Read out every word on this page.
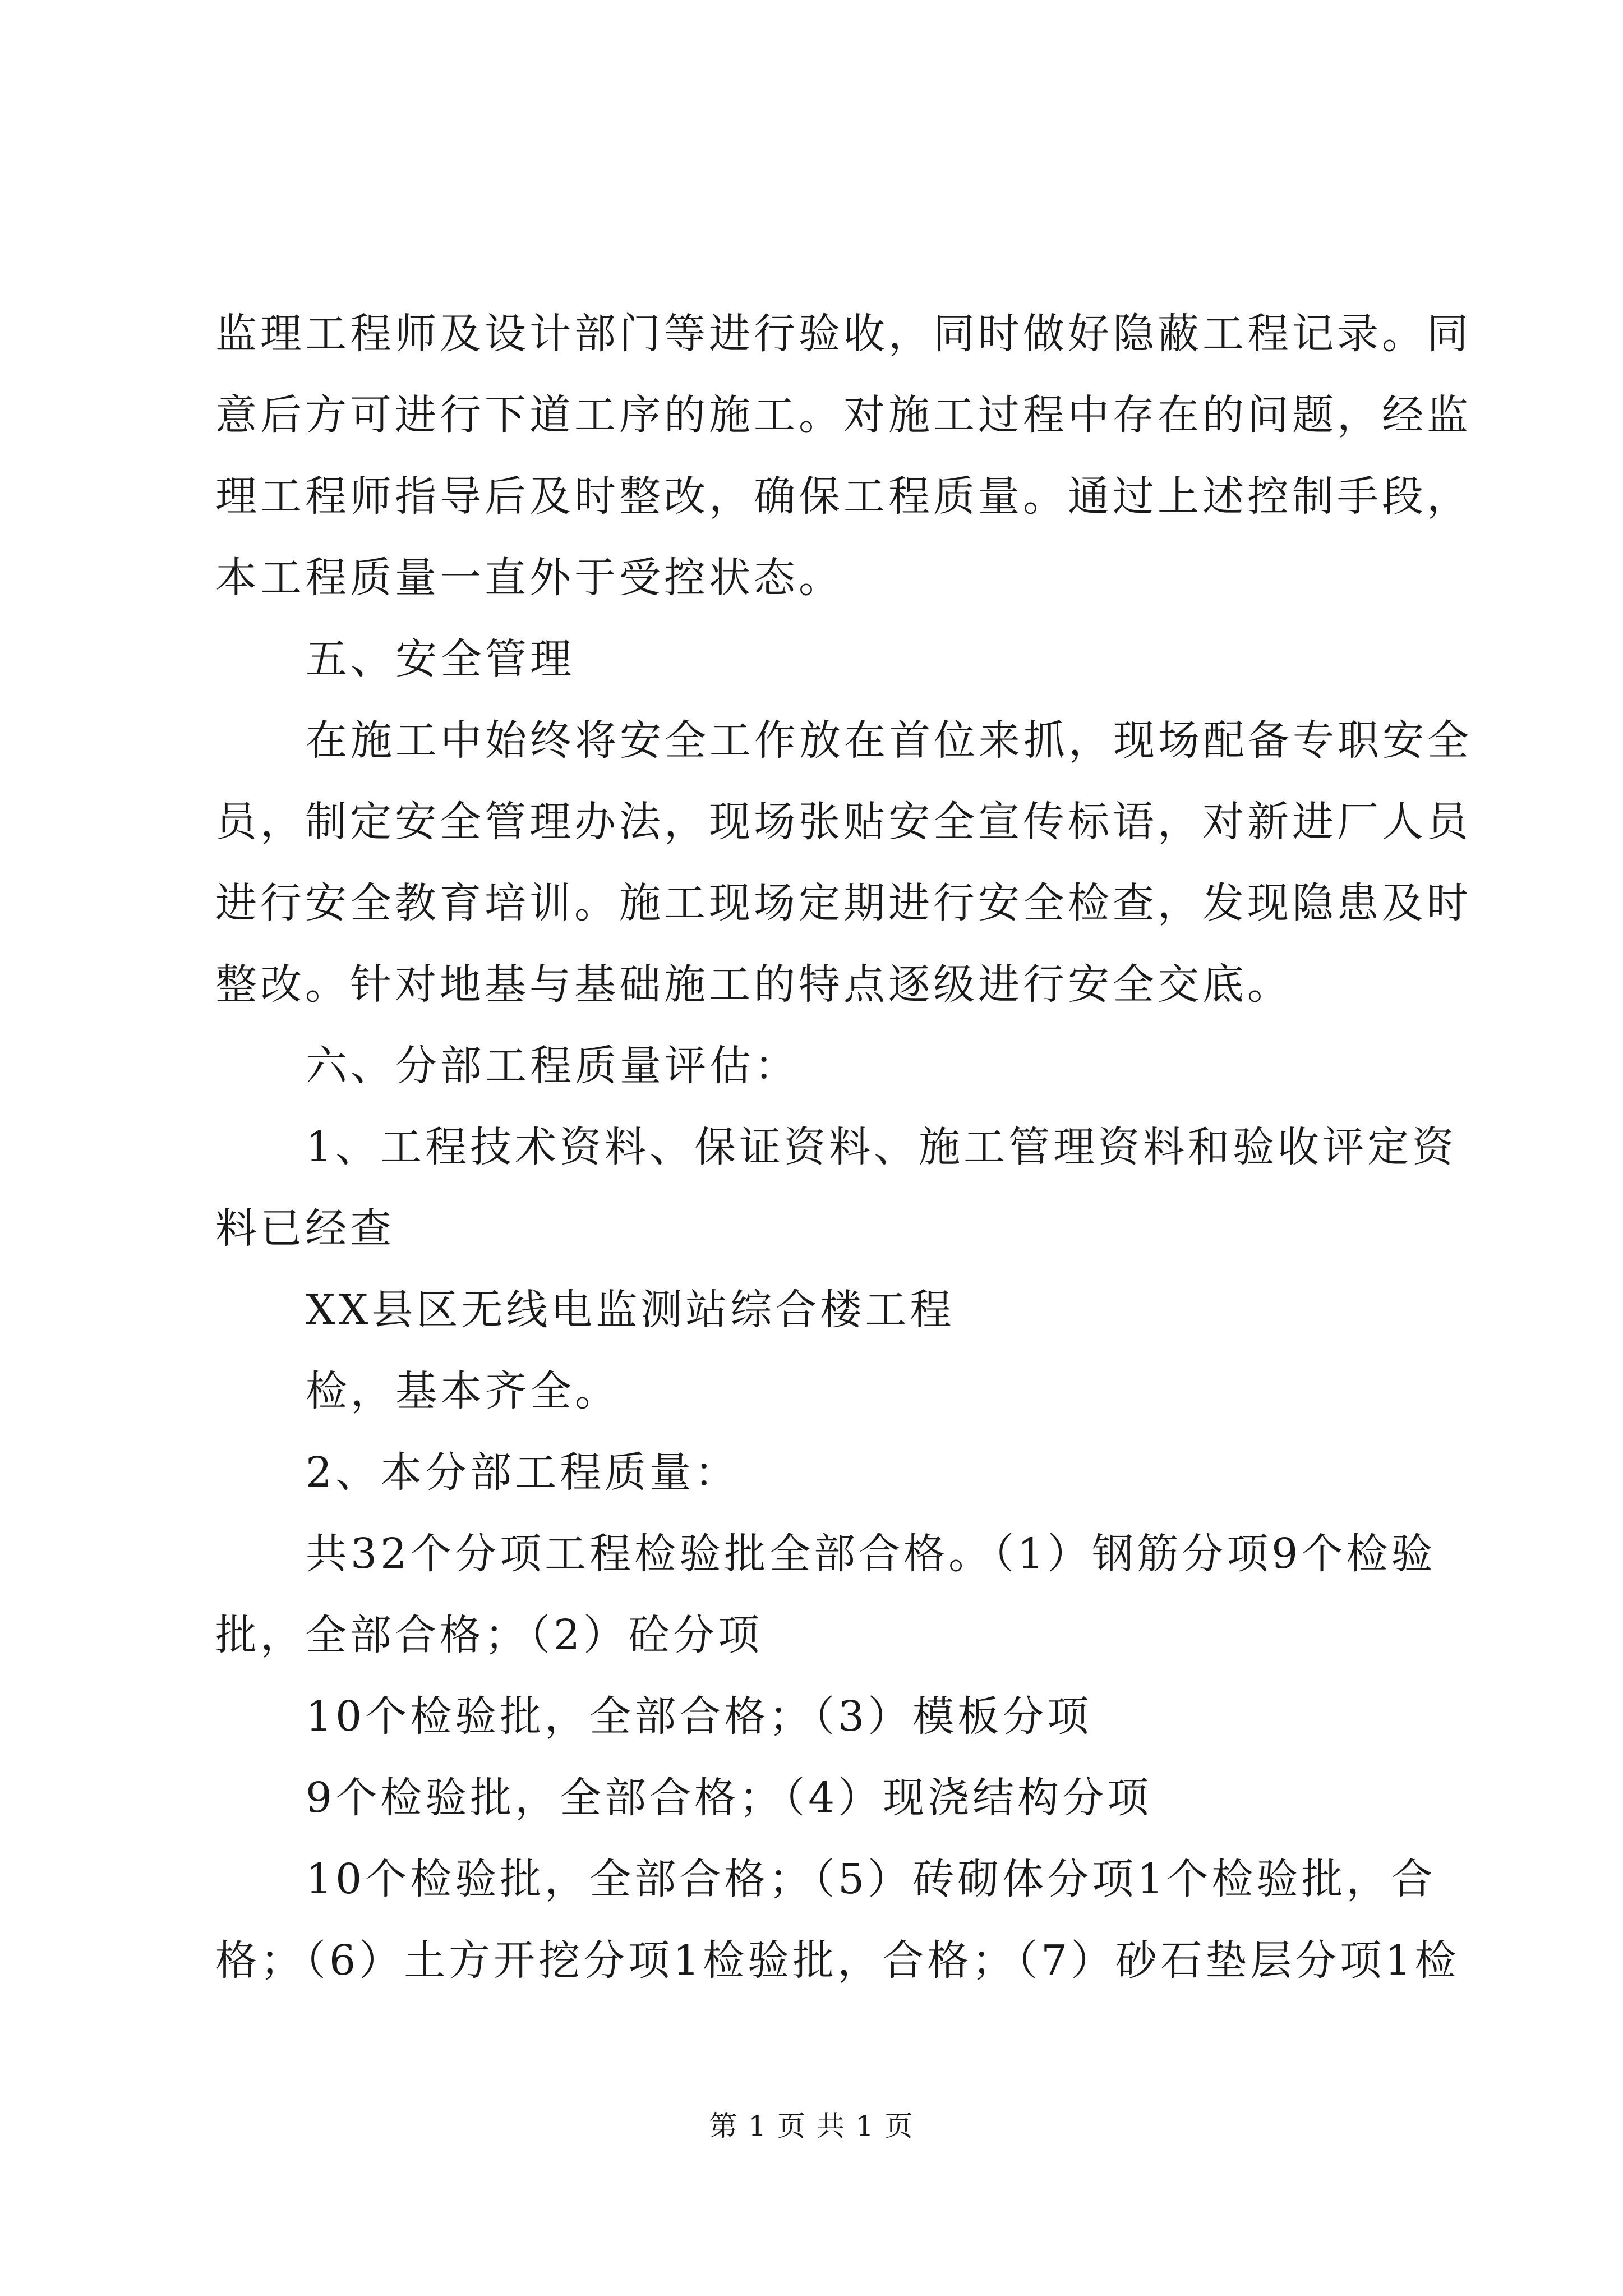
监理工程师及设计部门等进行验收，同时做好隐蔽工程记录。同
意后方可进行下道工序的施工。对施工过程中存在的问题，经监
理工程师指导后及时整改，确保工程质量。通过上述控制手段，
本工程质量一直外于受控状态。
五、安全管理
在施工中始终将安全工作放在首位来抓，现场配备专职安全
员，制定安全管理办法，现场张贴安全宣传标语，对新进厂人员
进行安全教育培训。施工现场定期进行安全检查，发现隐患及时
整改。针对地基与基础施工的特点逐级进行安全交底。
六、分部工程质量评估：
1、工程技术资料、保证资料、施工管理资料和验收评定资
料已经查
XX县区无线电监测站综合楼工程
检，基本齐全。
2、本分部工程质量：
共32个分项工程检验批全部合格。（1）钢筋分项9个检验
批，全部合格；（2）砼分项
10个检验批，全部合格；（3）模板分项
9个检验批，全部合格；（4）现浇结构分项
10个检验批，全部合格；（5）砖砌体分项1个检验批，合
格；（6）土方开挖分项1检验批，合格；（7）砂石垫层分项1检
第 1 页 共 1 页
